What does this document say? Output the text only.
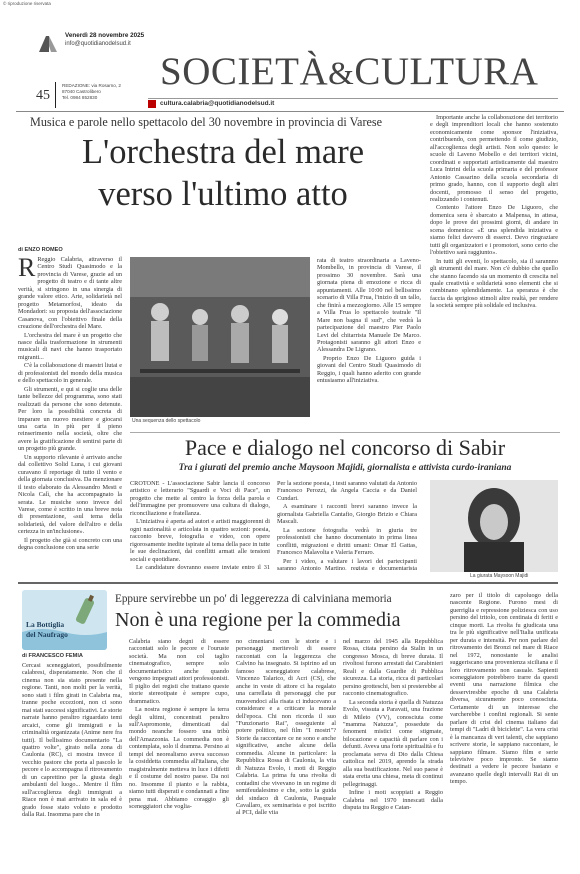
© riproduzione riservata
Venerdì 28 novembre 2025
info@quotidianodelsud.it
45
REDAZIONE: via Rosarno, 2
87040 Castrolibero
Tel. 0984 852830
SOCIETÀ&CULTURA
cultura.calabria@quotidianodelsud.it
Musica e parole nello spettacolo del 30 novembre in provincia di Varese
L'orchestra del mare
verso l'ultimo atto
di ENZO ROMEO

R Reggio Calabria, attraverso il Centro Studi Quasimodo e la provincia di Varese, grazie ad un progetto di teatro e di tante altre verità, si stringono in una sinergia di grande valore etico. Arte, solidarietà nel progetto Metamorfosi, ideato da Mondadori: su proposta dell'associazione Casanova, con l'obiettivo finale della creazione dell'orchestra del Mare.

L'orchestra del mare è un progetto che nasce dalla trasformazione in strumenti musicali di navi che hanno trasportato migranti...

C'è la collaborazione di maestri liutai e di professionisti del mondo della musica e dello spettacolo in generale.

Gli strumenti, e qui si coglie una delle tante bellezze del programma, sono stati realizzati da persone che sono detenute. Per loro la possibilità concreta di imparare un nuovo mestiere e giocarsi una carta in più per il pieno reinserimento nella società, oltre che avere la gratificazione di sentirsi parte di un progetto più grande.

Un supporto rilevante è arrivato anche dal collettivo Solid Luna, i cui giovani curavano il reportage di tutto il vento e della giornata conclusiva. Da menzionare il testo elaborato da Alessandro Mesti e Nicola Calì, che ha accompagnato la serata. Le musiche sono invece del Varese, come è scritto in una breve nota di presentazione, «sul tema della solidarietà, del valore dell'altro e della certezza in un'inclusione».

Il progetto che già si concreto con una degna conclusione con una serie

Una sequenza dello spettacolo

rata di teatro straordinaria a Laveno-Mombello, in provincia di Varese, il prossimo 30 novembre. Sarà una giornata piena di emozione e ricca di appuntamenti. Alle 10:00 nel bellissimo scenario di Villa Frua, l'inizio di un tallo, che finirà a mezzogiorno. Alle 15 sempre a Villa Frua lo spettacolo teatrale "Il Mare non bagna il sud", che vedrà la partecipazione del maestro Pier Paolo Levi del chitarrista Manuele De Marco. Protagonisti saranno gli attori Enzo e Alessandra De Ligrano.

Proprio Enzo De Liguoro guida i giovani del Centro Studi Quasimodo di Reggio, i quali hanno aderito con grande entusiasmo all'iniziativa.

Importante anche la collaborazione dei territorio e degli imprenditori locali che hanno sostenuto economicamente come sponsor l'iniziativa, contribuendo, con permettendo il come giudizio, all'accoglienza degli artisti. Non solo questo: le scuole di Laveno Mobello e dei territori vicini, coordinati e supportati artisticamente dal maestro Luca Intrini della scuola primaria e del professor Antonio Cassarino della scuola secondaria di primo grado, hanno, con il supporto degli altri docenti, promosso il senso del progetto, realizzando i contenuti.

Contento l'attore Enzo De Liguoro, che domenica sera è sbarcato a Malpensa, in attesa, dopo le prove dei prossimi giorni, di andare in scena domenica: «È una splendida iniziativa e siamo felici davvero di esserci. Devo ringraziare tutti gli organizzatori e i promotori, sono certo che l'obiettivo sarà raggiunto».

In tutti gli eventi, lo spettacolo, sia il sarannno gli strumenti del mare. Non c'è dubbio che quello che stanno facendo sia un momento di crescita nel quale creatività e solidarietà sono elementi che si combinano splendidamente. La speranza è che faccia da sprigioso stimoli altre realtà, per rendere la società sempre più solidale ed inclusiva.

Pace e dialogo nel concorso di Sabir
Tra i giurati del premio anche Maysoon Majidi, giornalista e attivista curdo-iraniana

CROTONE - L'associazione Sabir lancia il concorso artistico e letterario "Sguardi e Voci di Pace", un progetto che mette al centro la forza della parola e dell'immagine per promuovere una cultura di dialogo, riconciliazione e fratellanza.

L'iniziativa è aperta ad autori e artisti maggiorenni di ogni nazionalità e articolata in quattro sezioni: poesia, racconto breve, fotografia e video, con opere rigorosamente inedite ispirate al tema della pace in tutte le sue declinazioni, dai conflitti armati alle tensioni sociali e quotidiane.

Le candidature dovranno essere inviate entro il 31

Per la sezione poesia, i testi saranno valutati da Antonio Francesco Perozzi, da Angela Caccia e da Daniel Cundari.

A esaminare i racconti brevi saranno invece la giornalista Gabriella Cantafio, Giorgio Brizio e Chiara Mascali.

La sezione fotografia vedrà in giuria tre professionisti che hanno documentato in prima linea conflitti, migrazioni e diritti umani: Omar El Gattas, Francesco Malavolta e Valeria Ferraro.

Per i video, a valutare i lavori dei partecipanti saranno Antonio Martino, regista e documentarista

La giurata Maysoon Majidi
La Bottiglia
del Naufrago
Eppure servirebbe un po' di leggerezza di calviniana memoria
Non è una regione per la commedia
di FRANCESCO FEMIA

Cercasi sceneggiatori, possibilmente calabresi, disperatamente. Non che il cinema non sia stato presente nella regione. Tanti, non molti per la verità, sono stati i film girati in Calabria ma, tranne poche eccezioni, non ci sono mai stati successi significativi. Le storie narrate hanno peraltro riguardato temi arcaici, come gli immigrati e la criminalità organizzata (Anime nere fra tutti). Il bellissimo documentario "La quattro volte", girato nella zona di Caulonia (RC), ci mostra invece il vecchio pastore che porta al pascolo le pecore e lo accompagna il ritrovamento di un caprettino per la giusta degli ambulanti del luogo... Mentre il film sull'accoglienza degli immigrati a Riace non è mai arrivato in sala ed è grado fosse stato voluto e prodotto dalla Rai. Insomma pare che in

Calabria siano degni di essere raccontati solo le pecore e l'ouruste società. Ma non col taglio cinematografico, sempre solo documentaristico anche quando vengono impegnati attori professionisti. Il piglio dei registi che trattano queste storie stereotipate è sempre cupo, drammatico.

La nostra regione è sempre la terra degli ultimi, concentrati peraltro sull'Aspromonte, dimenticati dal mondo neanche fossero una tribù dell'Amazzonia. La commedia non è contemplata, solo il dramma. Persino ai tempi del neorealismo aveva successo la cosiddetta commedia all'italiana, che magistralmente metteva in luce i difetti e il costume del nostro paese. Da noi no. Insomme il pianto e la rabbia, siamo tutti disperati e condannati a fine pena mai. Abbiamo coraggio gli sceneggiatori che voglia-

no cimentarsi con le storie e i personaggi meritevoli di essere raccontati con la leggerezza che Calvino ha insegnato. Si ispirino ad un famoso sceneggiatore calabrese, Vincenzo Talarico, di Acri (CS), che anche in veste di attore ci ha regalato una carrellata di personaggi che pur muovendoci alla risata ci inducevano a considerare e a criticare la morale dell'epoca. Chi non ricorda il suo "Funzionario Rai", osseguiente al potere politico, nel film "I mostri"? Storie da raccontare ce ne sono e anche significative, anche alcune della commedia. Alcune in particolare: la Repubblica Rossa di Caulonia, la vita di Natuzza Evolo, i moti di Reggio Calabria. La prima fu una rivolta di contadini che vivevano in un regime di semifeudalesimo e che, sotto la guida del sindaco di Caulonia, Pasquale Cavallaro, ex seminarista e poi iscritto al PCI, dalle viia

nel marzo del 1945 alla Repubblica Rossa, citata persino da Stalin in un congresso Mosca, di breve durata. Il rivoltosi furono arrestati dai Carabinieri Reali e dalla Guardie di Pubblica sicurezza. La storia, ricca di particolari persino grotteschi, ben si presterebbe al racconto cinematografico.

La seconda storia è quella di Natuzza Evolo, vissuta a Paravati, una frazione di Mileto (VV), conosciuta come "mamma Natuzza", possedute da fenomeni mistici come stigmate, bilocazione e capacità di parlare con i defunti. Aveva una forte spiritualità e fu proclamata serva di Dio dalla Chiesa cattolica nel 2019, aprendo la strada alla sua beatificazione. Nel suo paese è stata eretta una chiesa, meta di continui pellegrinaggi.

Infine i moti scoppiati a Reggio Calabria nel 1970 innescati dalla disputa tra Reggio e Catan-

zaro per il titolo di capoluogo della nascente Regione. Furono mesi di guerriglia e repressione poliziesca con uso persino del tritolo, con centinaia di feriti e cinque morti. La rivolta fu giudicata una tra le più significative nell'Italia unificata per durata e intensità. Per non parlare del ritrovamento dei Bronzi nel mare di Riace nel 1972, nonostante le analisi suggeriscano una provenienza siciliana e il loro ritrovamento non casuale. Sapienti sceneggiatore potrebbero trarre da questi eventi una narrazione filmica che desserviresbbe epoche di una Calabria diversa, sicuramente poco conosciuta. Certamente di un interesse che varcherebbe i confini regionali. Si sente parlare di crisi del cinema italiano dai tempi di "Ladri di biciclette". La vera crisi è la mancanza di veri talenti, che sappiano scrivere storie, le sappiano raccontare, le sappiano filmare. Siamo film e serie televisive poco impronte. Se siamo destinati a vedere le pecore bastano e avanzano quelle degli intervalli Rai di un tempo.
